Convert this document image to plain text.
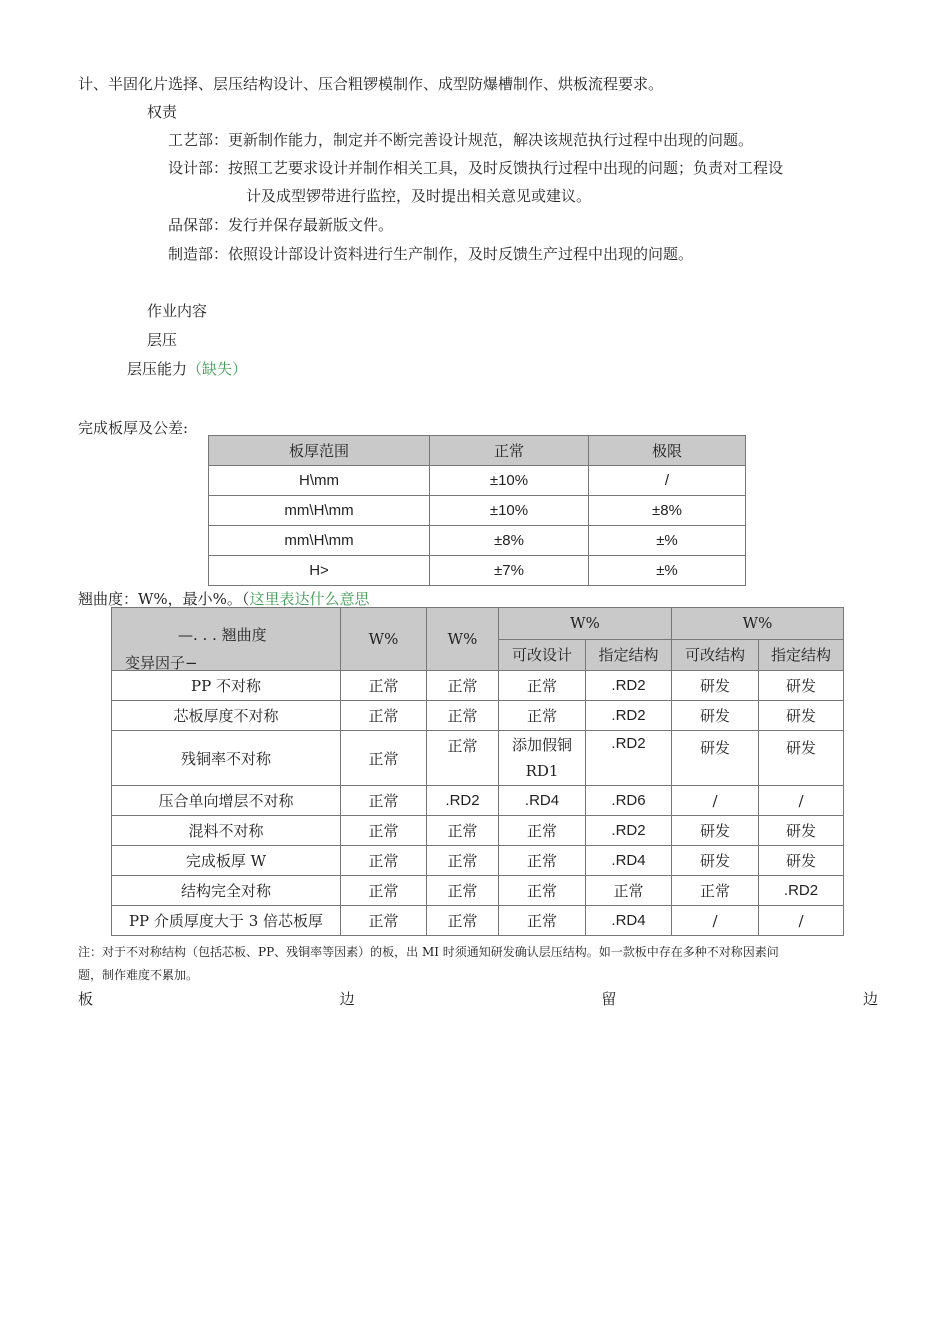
计、半固化片选择、层压结构设计、压合粗锣模制作、成型防爆槽制作、烘板流程要求。
权责
工艺部：更新制作能力，制定并不断完善设计规范，解决该规范执行过程中出现的问题。
设计部：按照工艺要求设计并制作相关工具，及时反馈执行过程中出现的问题；负责对工程设
计及成型锣带进行监控，及时提出相关意见或建议。
品保部：发行并保存最新版文件。
制造部：依照设计部设计资料进行生产制作，及时反馈生产过程中出现的问题。
作业内容
层压
层压能力（缺失）
完成板厚及公差:
板厚范围	正常	极限
H\mm	±10%	/
mm\H\mm	±10%	±8%
mm\H\mm	±8%	±%
H>	±7%	±%
翘曲度：W%，最小%。（这里表达什么意思
—. . . 翘曲度
变异因子−	W%	W%	W%		W%	
			可改设计	指定结构	可改结构	指定结构
PP 不对称	正常	正常	正常	.RD2	研发	研发
芯板厚度不对称	正常	正常	正常	.RD2	研发	研发
残铜率不对称	正常	正常	添加假铜RD1	.RD2	研发	研发
压合单向增层不对称	正常	.RD2	.RD4	.RD6	/	/
混料不对称	正常	正常	正常	.RD2	研发	研发
完成板厚 W	正常	正常	正常	.RD4	研发	研发
结构完全对称	正常	正常	正常	正常	正常	.RD2
PP 介质厚度大于 3 倍芯板厚	正常	正常	正常	.RD4	/	/
注：对于不对称结构（包括芯板、PP、残铜率等因素）的板，出 MI 时须通知研发确认层压结构。如一款板中存在多种不对称因素问
题，制作难度不累加。
板	边	留	边
